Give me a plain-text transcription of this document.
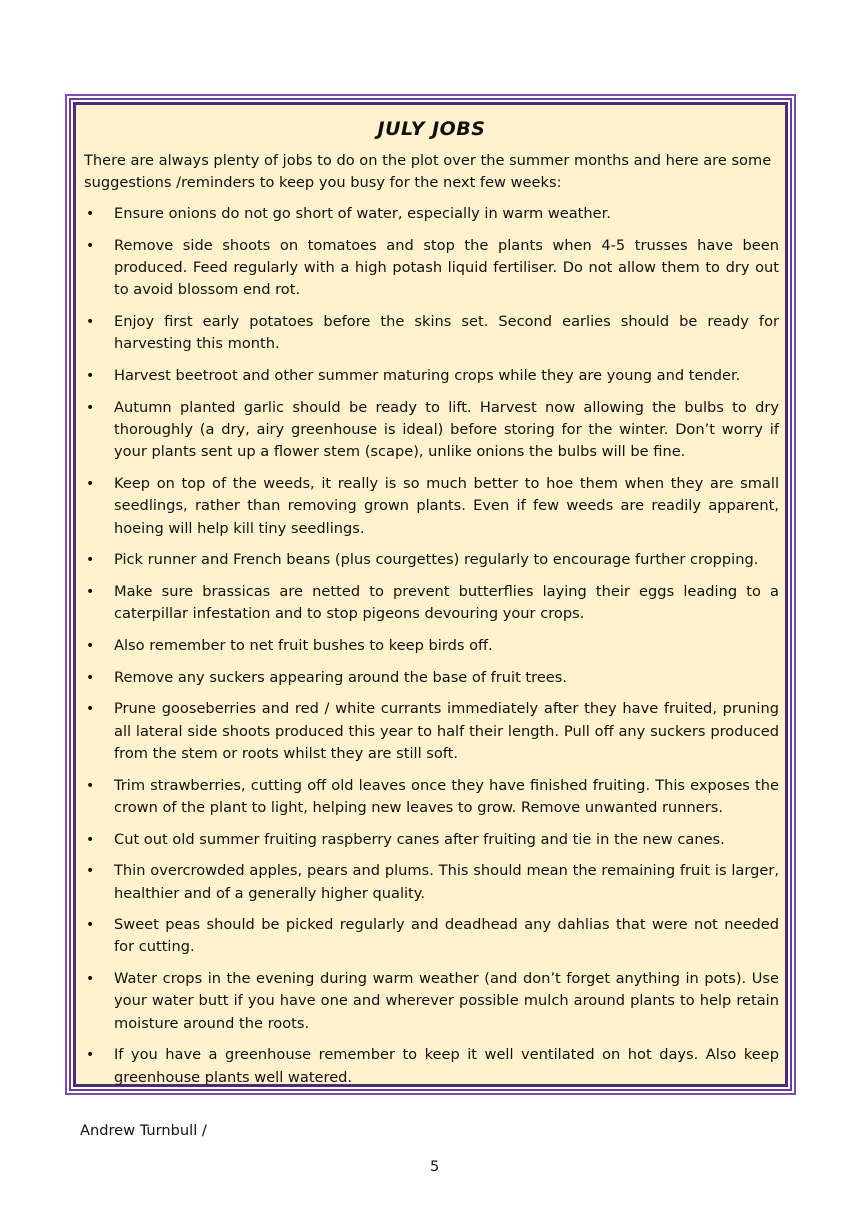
JULY JOBS
There are always plenty of jobs to do on the plot over the summer months and here are some suggestions /reminders to keep you busy for the next few weeks:
• Ensure onions do not go short of water, especially in warm weather.
• Remove side shoots on tomatoes and stop the plants when 4-5 trusses have been produced. Feed regularly with a high potash liquid fertiliser. Do not allow them to dry out to avoid blossom end rot.
• Enjoy first early potatoes before the skins set. Second earlies should be ready for harvesting this month.
• Harvest beetroot and other summer maturing crops while they are young and tender.
• Autumn planted garlic should be ready to lift. Harvest now allowing the bulbs to dry thoroughly (a dry, airy greenhouse is ideal) before storing for the winter. Don’t worry if your plants sent up a flower stem (scape), unlike onions the bulbs will be fine.
• Keep on top of the weeds, it really is so much better to hoe them when they are small seedlings, rather than removing grown plants. Even if few weeds are readily apparent, hoeing will help kill tiny seedlings.
• Pick runner and French beans (plus courgettes) regularly to encourage further cropping.
• Make sure brassicas are netted to prevent butterflies laying their eggs leading to a caterpillar infestation and to stop pigeons devouring your crops.
• Also remember to net fruit bushes to keep birds off.
• Remove any suckers appearing around the base of fruit trees.
• Prune gooseberries and red / white currants immediately after they have fruited, pruning all lateral side shoots produced this year to half their length. Pull off any suckers produced from the stem or roots whilst they are still soft.
• Trim strawberries, cutting off old leaves once they have finished fruiting. This exposes the crown of the plant to light, helping new leaves to grow. Remove unwanted runners.
• Cut out old summer fruiting raspberry canes after fruiting and tie in the new canes.
• Thin overcrowded apples, pears and plums. This should mean the remaining fruit is larger, healthier and of a generally higher quality.
• Sweet peas should be picked regularly and deadhead any dahlias that were not needed for cutting.
• Water crops in the evening during warm weather (and don’t forget anything in pots). Use your water butt if you have one and wherever possible mulch around plants to help retain moisture around the roots.
• If you have a greenhouse remember to keep it well ventilated on hot days. Also keep greenhouse plants well watered.
Andrew Turnbull /
5
